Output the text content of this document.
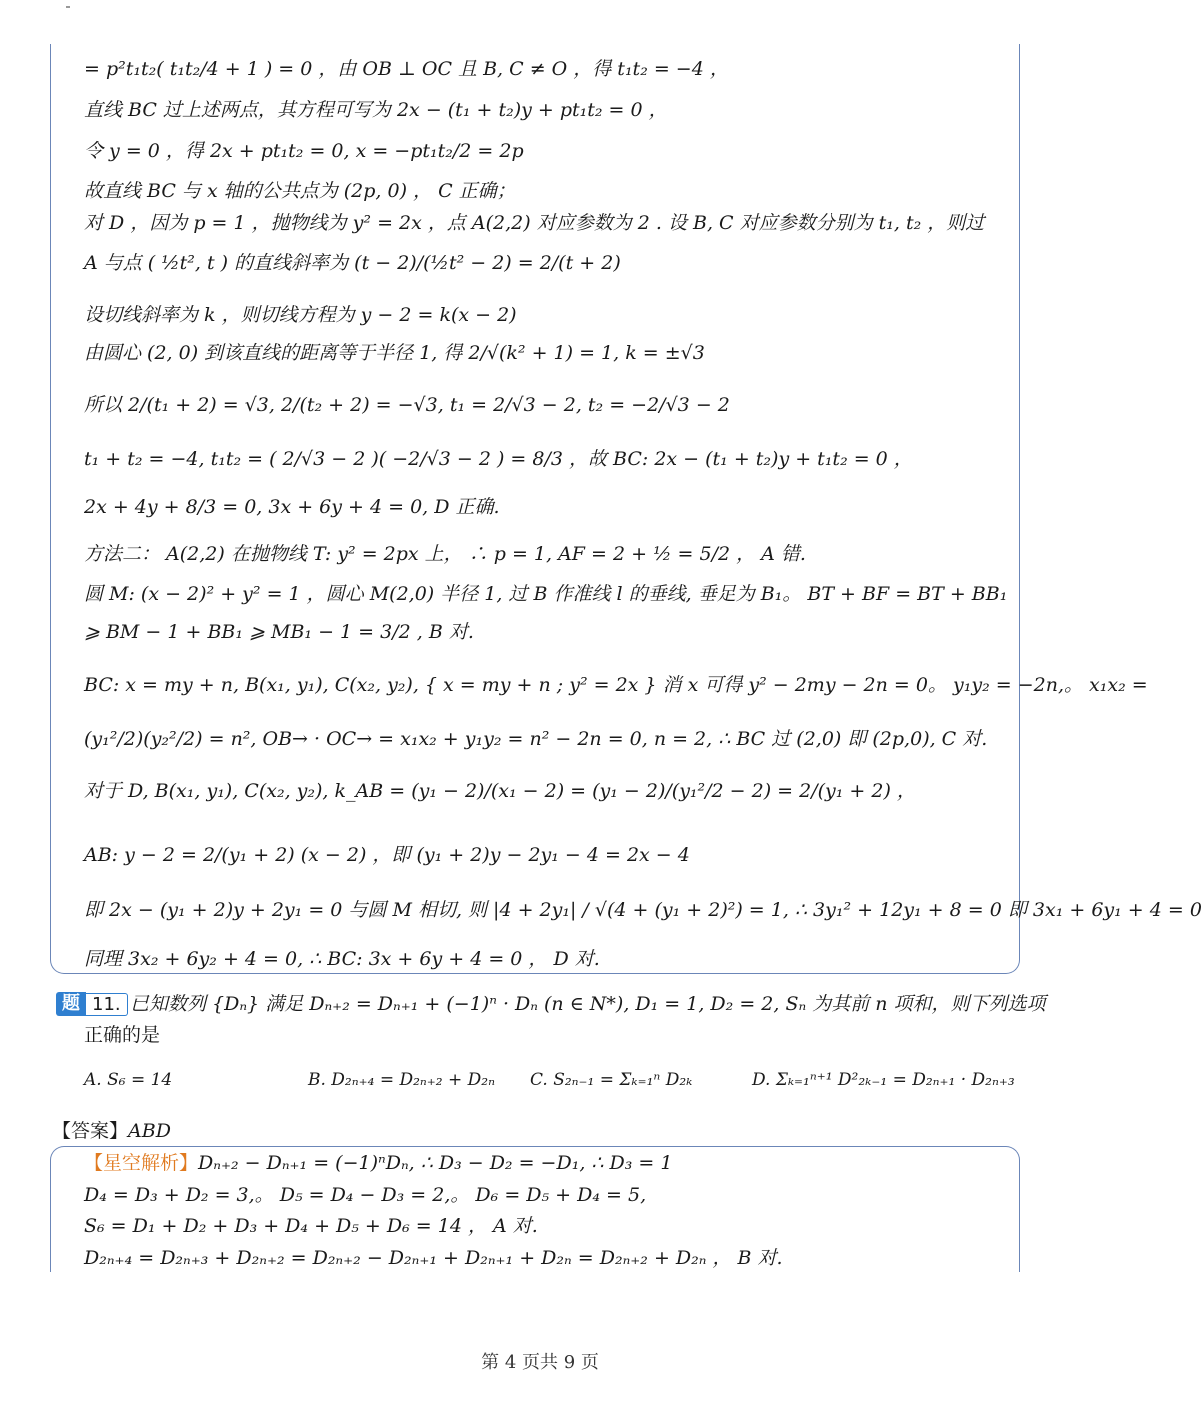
= p²t₁t₂( t₁t₂/4 + 1 ) = 0 ，由 OB ⊥ OC 且 B, C ≠ O ，得 t₁t₂ = −4 ，
直线 BC 过上述两点，其方程可写为 2x − (t₁ + t₂)y + pt₁t₂ = 0 ，
令 y = 0 ，得 2x + pt₁t₂ = 0, x = −pt₁t₂/2 = 2p
故直线 BC 与 x 轴的公共点为 (2p, 0) ， C 正确；
对 D ，因为 p = 1 ，抛物线为 y² = 2x ，点 A(2,2) 对应参数为 2 . 设 B, C 对应参数分别为 t₁, t₂ ，则过
A 与点 ( ½t², t ) 的直线斜率为 (t − 2)/(½t² − 2) = 2/(t + 2)
设切线斜率为 k ，则切线方程为 y − 2 = k(x − 2)
由圆心 (2, 0) 到该直线的距离等于半径 1, 得 2/√(k² + 1) = 1, k = ±√3
所以 2/(t₁ + 2) = √3, 2/(t₂ + 2) = −√3, t₁ = 2/√3 − 2, t₂ = −2/√3 − 2
t₁ + t₂ = −4, t₁t₂ = ( 2/√3 − 2 )( −2/√3 − 2 ) = 8/3 ，故 BC: 2x − (t₁ + t₂)y + t₁t₂ = 0 ，
2x + 4y + 8/3 = 0, 3x + 6y + 4 = 0, D 正确.
方法二： A(2,2) 在抛物线 T: y² = 2px 上， ∴ p = 1, AF = 2 + ½ = 5/2 ， A 错.
圆 M: (x − 2)² + y² = 1 ，圆心 M(2,0) 半径 1, 过 B 作准线 l 的垂线, 垂足为 B₁。 BT + BF = BT + BB₁
⩾ BM − 1 + BB₁ ⩾ MB₁ − 1 = 3/2 , B 对.
BC: x = my + n, B(x₁, y₁), C(x₂, y₂), { x = my + n ; y² = 2x } 消 x 可得 y² − 2my − 2n = 0。 y₁y₂ = −2n,。 x₁x₂ =
(y₁²/2)(y₂²/2) = n², OB→ · OC→ = x₁x₂ + y₁y₂ = n² − 2n = 0, n = 2, ∴ BC 过 (2,0) 即 (2p,0), C 对.
对于 D, B(x₁, y₁), C(x₂, y₂), k_AB = (y₁ − 2)/(x₁ − 2) = (y₁ − 2)/(y₁²/2 − 2) = 2/(y₁ + 2) ，
AB: y − 2 = 2/(y₁ + 2) (x − 2) ，即 (y₁ + 2)y − 2y₁ − 4 = 2x − 4
即 2x − (y₁ + 2)y + 2y₁ = 0 与圆 M 相切, 则 |4 + 2y₁| / √(4 + (y₁ + 2)²) = 1, ∴ 3y₁² + 12y₁ + 8 = 0 即 3x₁ + 6y₁ + 4 = 0
同理 3x₂ + 6y₂ + 4 = 0, ∴ BC: 3x + 6y + 4 = 0 ， D 对.
题 11. 已知数列 {Dₙ} 满足 Dₙ₊₂ = Dₙ₊₁ + (−1)ⁿ · Dₙ (n ∈ N*), D₁ = 1, D₂ = 2, Sₙ 为其前 n 项和，则下列选项
正确的是
A. S₆ = 14	B. D₂ₙ₊₄ = D₂ₙ₊₂ + D₂ₙ C. S₂ₙ₋₁ = Σₖ₌₁ⁿ D₂ₖ	D. Σₖ₌₁ⁿ⁺¹ D²₂ₖ₋₁ = D₂ₙ₊₁ · D₂ₙ₊₃
【答案】ABD
【星空解析】Dₙ₊₂ − Dₙ₊₁ = (−1)ⁿDₙ, ∴ D₃ − D₂ = −D₁, ∴ D₃ = 1
D₄ = D₃ + D₂ = 3,。 D₅ = D₄ − D₃ = 2,。 D₆ = D₅ + D₄ = 5,
S₆ = D₁ + D₂ + D₃ + D₄ + D₅ + D₆ = 14 ， A 对.
D₂ₙ₊₄ = D₂ₙ₊₃ + D₂ₙ₊₂ = D₂ₙ₊₂ − D₂ₙ₊₁ + D₂ₙ₊₁ + D₂ₙ = D₂ₙ₊₂ + D₂ₙ ， B 对.
第 4 页共 9 页
